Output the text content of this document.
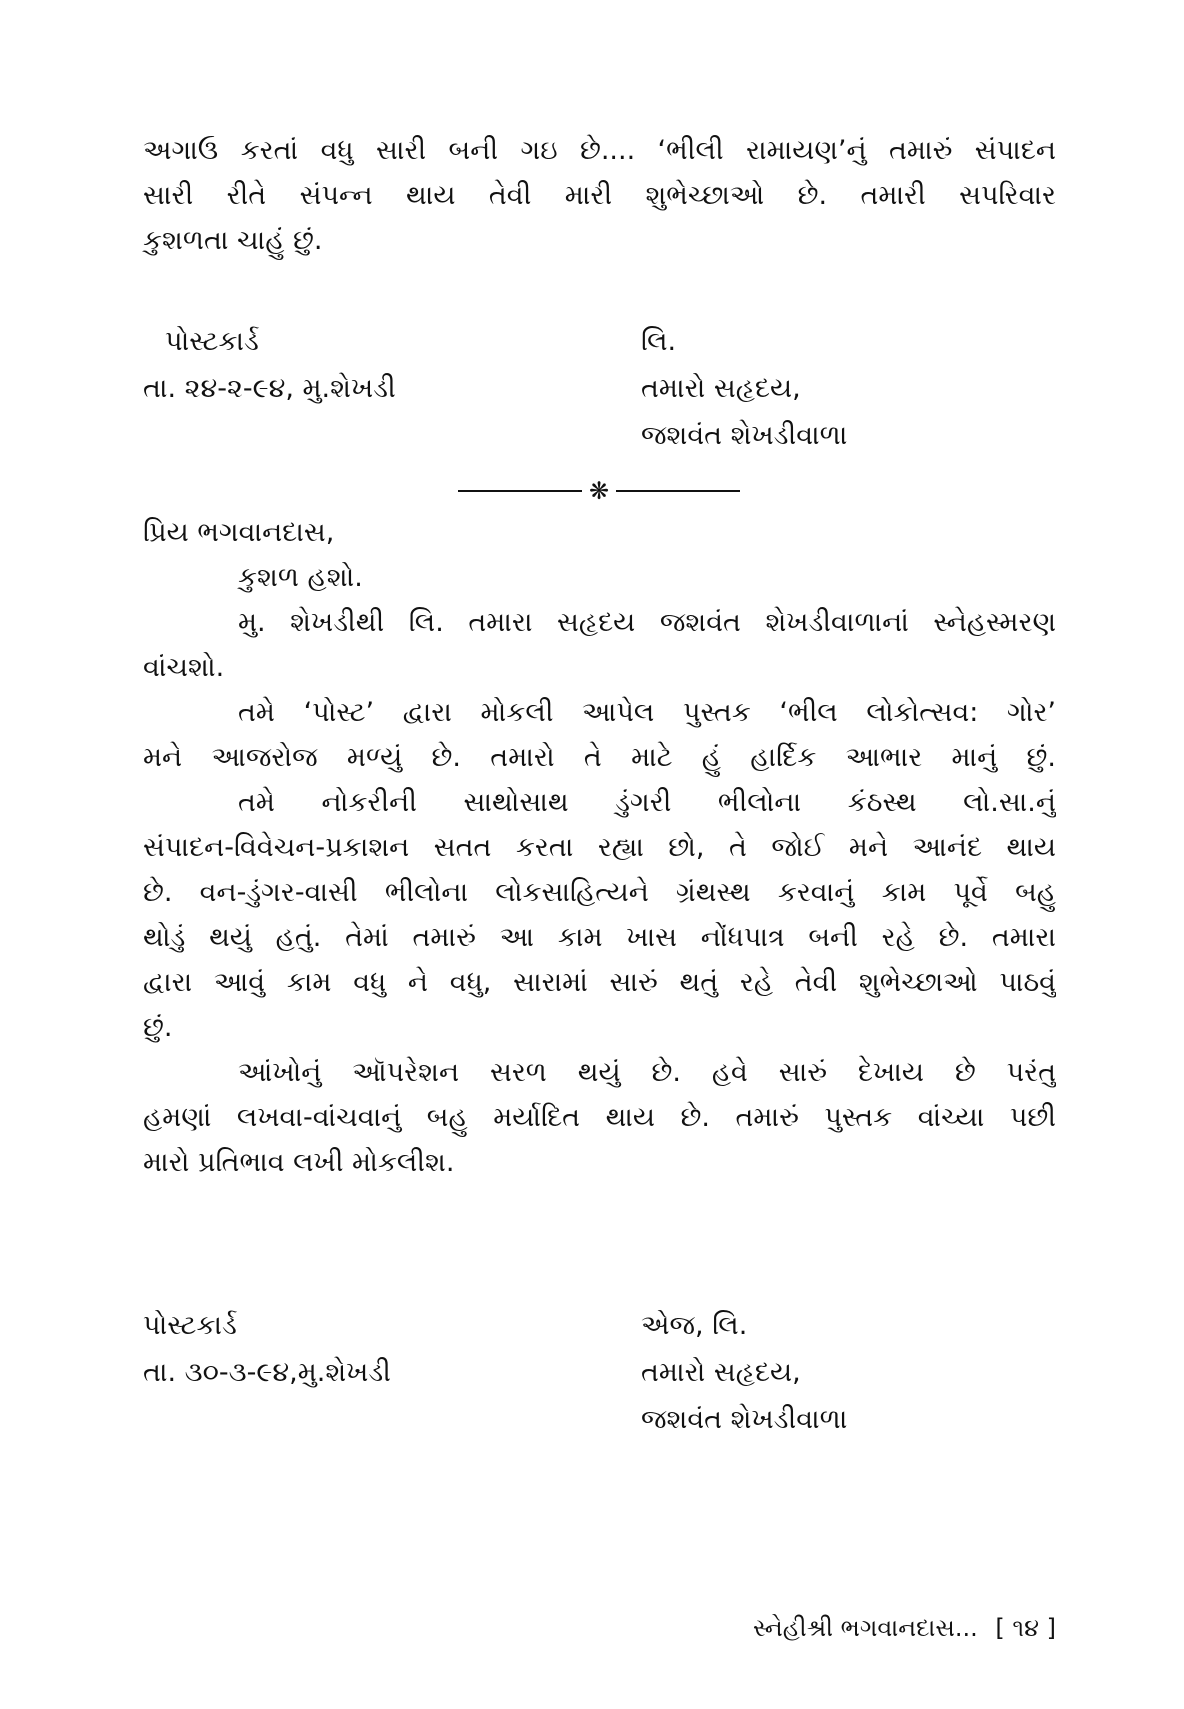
અગાઉ કરતાં વધુ સારી બની ગઇ છે.... ‘ભીલી રામાયણ’નું તમારું સંપાદન
સારી રીતે સંપન્ન થાય તેવી મારી શુભેચ્છાઓ છે. તમારી સપરિવાર
કુશળતા ચાહું છું.
પોસ્ટકાર્ડ
તા. ૨૪-૨-૯૪, મુ.શેખડી
લિ.
તમારો સહૃદય,
જશવંત શેખડીવાળા
❋
પ્રિય ભગવાનદાસ,
કુશળ હશો.
મુ. શેખડીથી લિ. તમારા સહૃદય જશવંત શેખડીવાળાનાં સ્નેહસ્મરણ
વાંચશો.
તમે ‘પોસ્ટ’ દ્વારા મોકલી આપેલ પુસ્તક ‘ભીલ લોકોત્સવ: ગોર’
મને આજરોજ મળ્યું છે. તમારો તે માટે હું હાર્દિક આભાર માનું છું.
તમે નોકરીની સાથોસાથ ડુંગરી ભીલોના કંઠસ્થ લો.સા.નું
સંપાદન-વિવેચન-પ્રકાશન સતત કરતા રહ્યા છો, તે જોઈ મને આનંદ થાય
છે. વન-ડુંગર-વાસી ભીલોના લોકસાહિત્યને ગ્રંથસ્થ કરવાનું કામ પૂર્વે બહુ
થોડું થયું હતું. તેમાં તમારું આ કામ ખાસ નોંધપાત્ર બની રહે છે. તમારા
દ્વારા આવું કામ વધુ ને વધુ, સારામાં સારું થતું રહે તેવી શુભેચ્છાઓ પાઠવું
છું.
આંખોનું ઑપરેશન સરળ થયું છે. હવે સારું દેખાય છે પરંતુ
હમણાં લખવા-વાંચવાનું બહુ મર્યાદિત થાય છે. તમારું પુસ્તક વાંચ્યા પછી
મારો પ્રતિભાવ લખી મોકલીશ.
પોસ્ટકાર્ડ
તા. ૩૦-૩-૯૪,મુ.શેખડી
એજ, લિ.
તમારો સહૃદય,
જશવંત શેખડીવાળા
સ્નેહીશ્રી ભગવાનદાસ... [ ૧૪ ]
